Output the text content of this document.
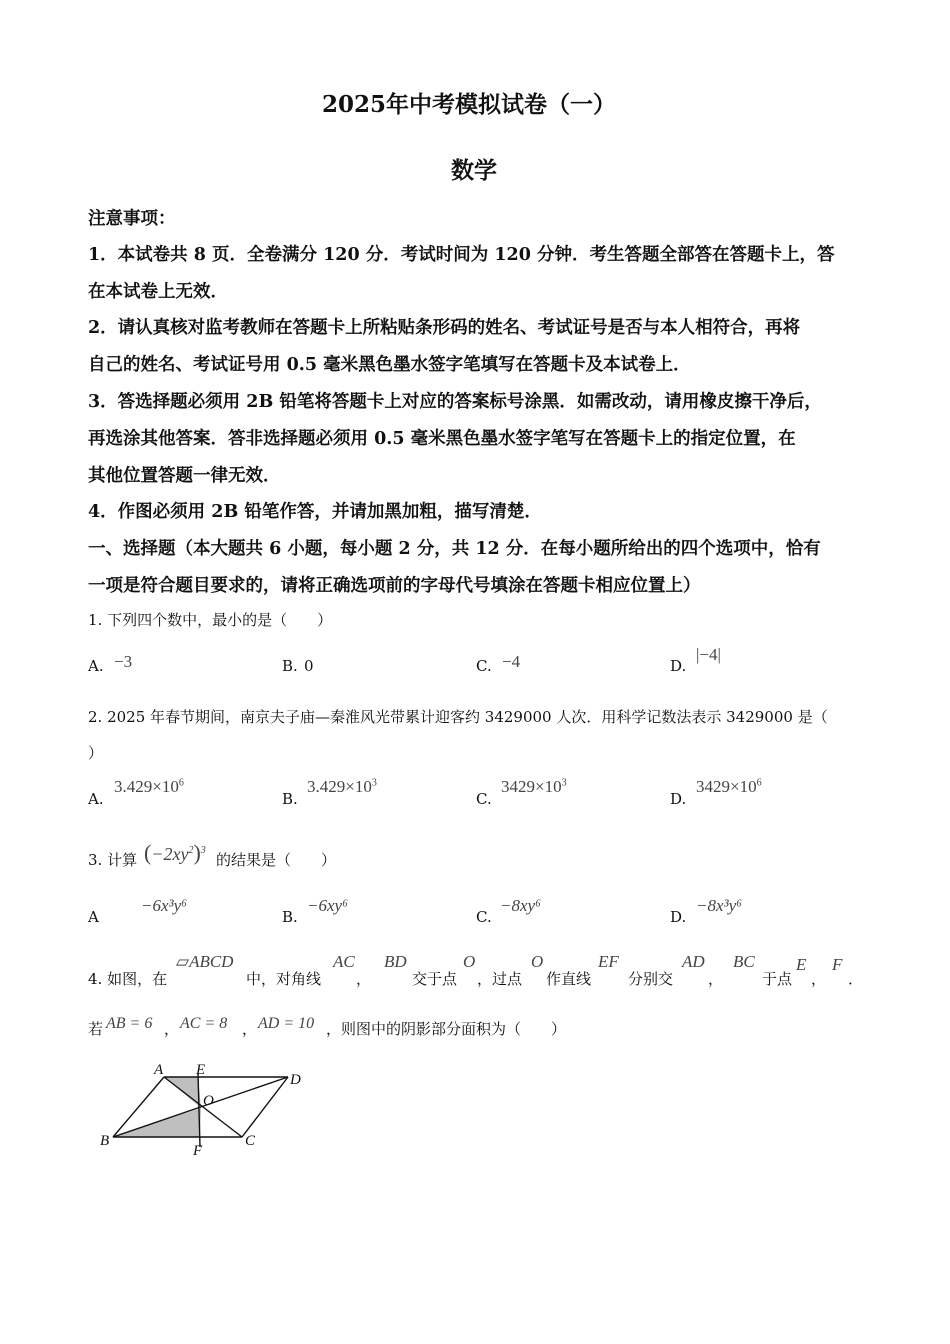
2025年中考模拟试卷（一）
数学
注意事项：
1．本试卷共 8 页．全卷满分 120 分．考试时间为 120 分钟．考生答题全部答在答题卡上，答
在本试卷上无效．
2．请认真核对监考教师在答题卡上所粘贴条形码的姓名、考试证号是否与本人相符合，再将
自己的姓名、考试证号用 0.5 毫米黑色墨水签字笔填写在答题卡及本试卷上．
3．答选择题必须用 2B 铅笔将答题卡上对应的答案标号涂黑．如需改动，请用橡皮擦干净后，
再选涂其他答案．答非选择题必须用 0.5 毫米黑色墨水签字笔写在答题卡上的指定位置，在
其他位置答题一律无效．
4．作图必须用 2B 铅笔作答，并请加黑加粗，描写清楚．
一、选择题（本大题共 6 小题，每小题 2 分，共 12 分．在每小题所给出的四个选项中，恰有
一项是符合题目要求的，请将正确选项前的字母代号填涂在答题卡相应位置上）
1. 下列四个数中，最小的是（　　）
A. −3	B. 0	C. −4	D.
|−4|
2. 2025 年春节期间，南京夫子庙—秦淮风光带累计迎客约 3429000 人次．用科学记数法表示 3429000 是（
）
A.
$3.429\times 10^6$
B.
$3.429\times 10^3$
C.
$3429\times 10^3$
D.
$3429\times 10^6$
3. 计算 $(-2xy^2)^3$
的结果是（　　）
A
−6x³y⁶
B.
−6xy⁶
C.
−8xy⁶
D.
−8x³y⁶
4. 如图，在
▱ABCD
中，对角线
AC
，
BD
交于点
O
，过点
O
作直线
EF
分别交
AD
，
BC
于点
E
，
F
．
若 AB = 6 ， AC = 8 ， AD = 10 ，则图中的阴影部分面积为（　　）
A E
D
O
B
F
C
